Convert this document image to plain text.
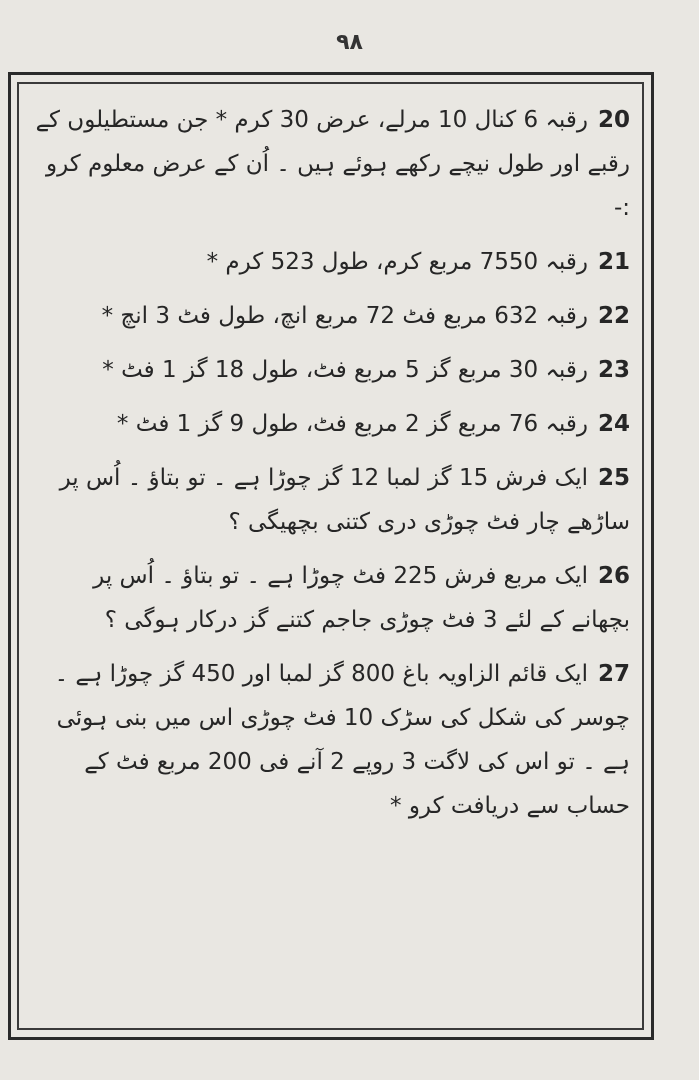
٩٨

20رقبہ 6 کنال 10 مرلے، عرض 30 کرم * جن مستطیلوں کے رقبے اور طول نیچے رکھے ہوئے ہیں ۔ اُن کے عرض معلوم کرو :-

21رقبہ 7550 مربع کرم، طول 523 کرم *

22رقبہ 632 مربع فٹ 72 مربع انچ، طول فٹ 3 انچ *

23رقبہ 30 مربع گز 5 مربع فٹ، طول 18 گز 1 فٹ *

24رقبہ 76 مربع گز 2 مربع فٹ، طول 9 گز 1 فٹ *

25ایک فرش 15 گز لمبا 12 گز چوڑا ہے ۔ تو بتاؤ ۔ اُس پر ساڑھے چار فٹ چوڑی دری کتنی بچھیگی ؟

26ایک مربع فرش 225 فٹ چوڑا ہے ۔ تو بتاؤ ۔ اُس پر بچھانے کے لئے 3 فٹ چوڑی جاجم کتنے گز درکار ہوگی ؟

27ایک قائم الزاویہ باغ 800 گز لمبا اور 450 گز چوڑا ہے ۔ چوسر کی شکل کی سڑک 10 فٹ چوڑی اس میں بنی ہوئی ہے ۔ تو اس کی لاگت 3 روپے 2 آنے فی 200 مربع فٹ کے حساب سے دریافت کرو *
